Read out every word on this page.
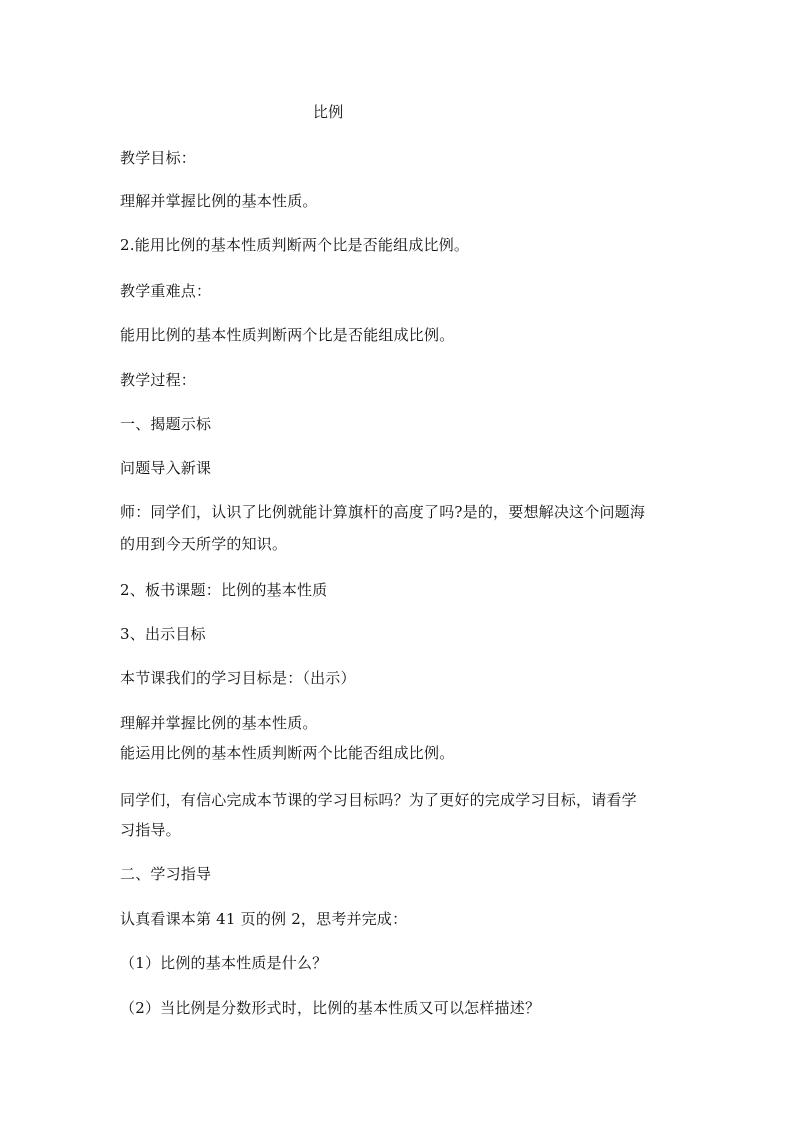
比例
教学目标：
理解并掌握比例的基本性质。
2.能用比例的基本性质判断两个比是否能组成比例。
教学重难点：
能用比例的基本性质判断两个比是否能组成比例。
教学过程：
一、揭题示标
问题导入新课
师：同学们，认识了比例就能计算旗杆的高度了吗?是的，要想解决这个问题海
的用到今天所学的知识。
2、板书课题：比例的基本性质
3、出示目标
本节课我们的学习目标是：（出示）
理解并掌握比例的基本性质。
能运用比例的基本性质判断两个比能否组成比例。
同学们，有信心完成本节课的学习目标吗？为了更好的完成学习目标，请看学
习指导。
二、学习指导
认真看课本第 41 页的例 2，思考并完成：
（1）比例的基本性质是什么？
（2）当比例是分数形式时，比例的基本性质又可以怎样描述？
